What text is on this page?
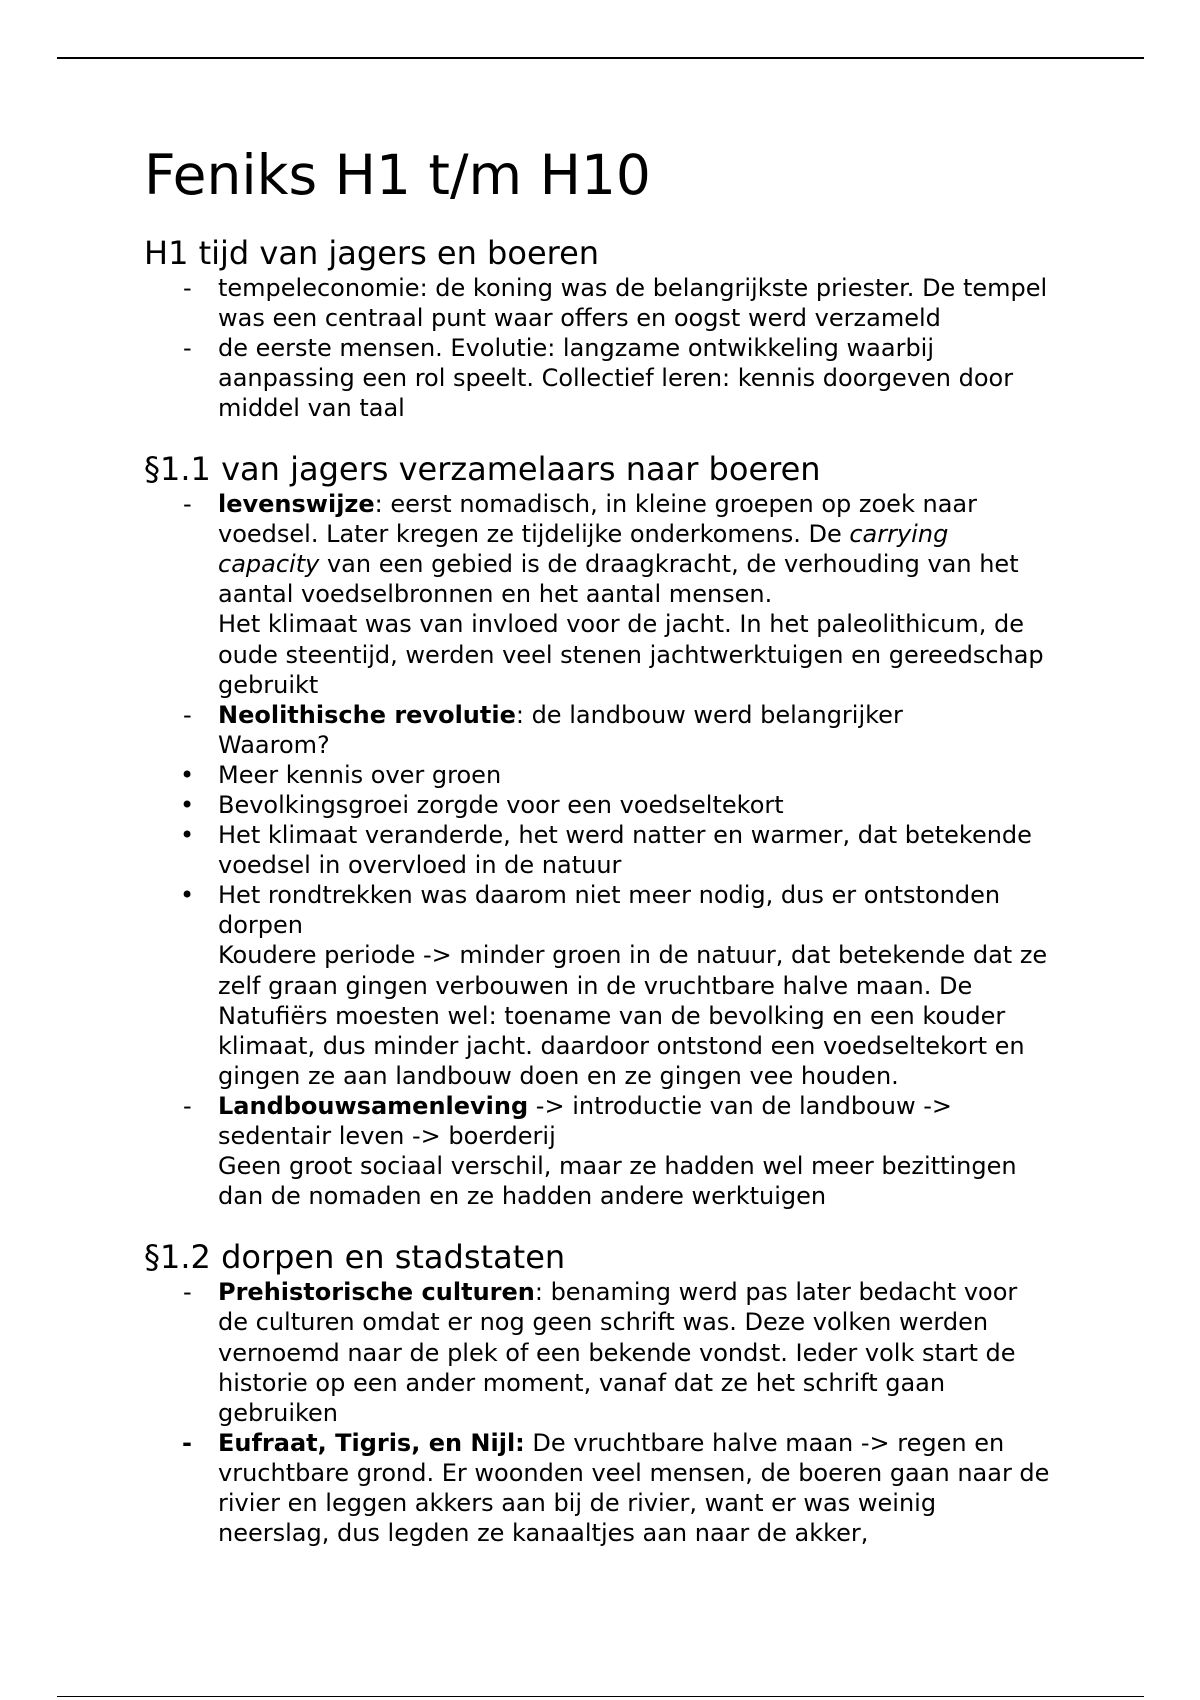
Feniks H1 t/m H10
H1 tijd van jagers en boeren
- tempeleconomie: de koning was de belangrijkste priester. De tempel
was een centraal punt waar offers en oogst werd verzameld
- de eerste mensen. Evolutie: langzame ontwikkeling waarbij
aanpassing een rol speelt. Collectief leren: kennis doorgeven door
middel van taal
§1.1 van jagers verzamelaars naar boeren
- levenswijze: eerst nomadisch, in kleine groepen op zoek naar
voedsel. Later kregen ze tijdelijke onderkomens. De carrying
capacity van een gebied is de draagkracht, de verhouding van het
aantal voedselbronnen en het aantal mensen.
Het klimaat was van invloed voor de jacht. In het paleolithicum, de
oude steentijd, werden veel stenen jachtwerktuigen en gereedschap
gebruikt
- Neolithische revolutie: de landbouw werd belangrijker
Waarom?
• Meer kennis over groen
• Bevolkingsgroei zorgde voor een voedseltekort
• Het klimaat veranderde, het werd natter en warmer, dat betekende
voedsel in overvloed in de natuur
• Het rondtrekken was daarom niet meer nodig, dus er ontstonden
dorpen
Koudere periode -> minder groen in de natuur, dat betekende dat ze
zelf graan gingen verbouwen in de vruchtbare halve maan. De
Natufiërs moesten wel: toename van de bevolking en een kouder
klimaat, dus minder jacht. daardoor ontstond een voedseltekort en
gingen ze aan landbouw doen en ze gingen vee houden.
- Landbouwsamenleving -> introductie van de landbouw ->
sedentair leven -> boerderij
Geen groot sociaal verschil, maar ze hadden wel meer bezittingen
dan de nomaden en ze hadden andere werktuigen
§1.2 dorpen en stadstaten
- Prehistorische culturen: benaming werd pas later bedacht voor
de culturen omdat er nog geen schrift was. Deze volken werden
vernoemd naar de plek of een bekende vondst. Ieder volk start de
historie op een ander moment, vanaf dat ze het schrift gaan
gebruiken
- Eufraat, Tigris, en Nijl: De vruchtbare halve maan -> regen en
vruchtbare grond. Er woonden veel mensen, de boeren gaan naar de
rivier en leggen akkers aan bij de rivier, want er was weinig
neerslag, dus legden ze kanaaltjes aan naar de akker,
